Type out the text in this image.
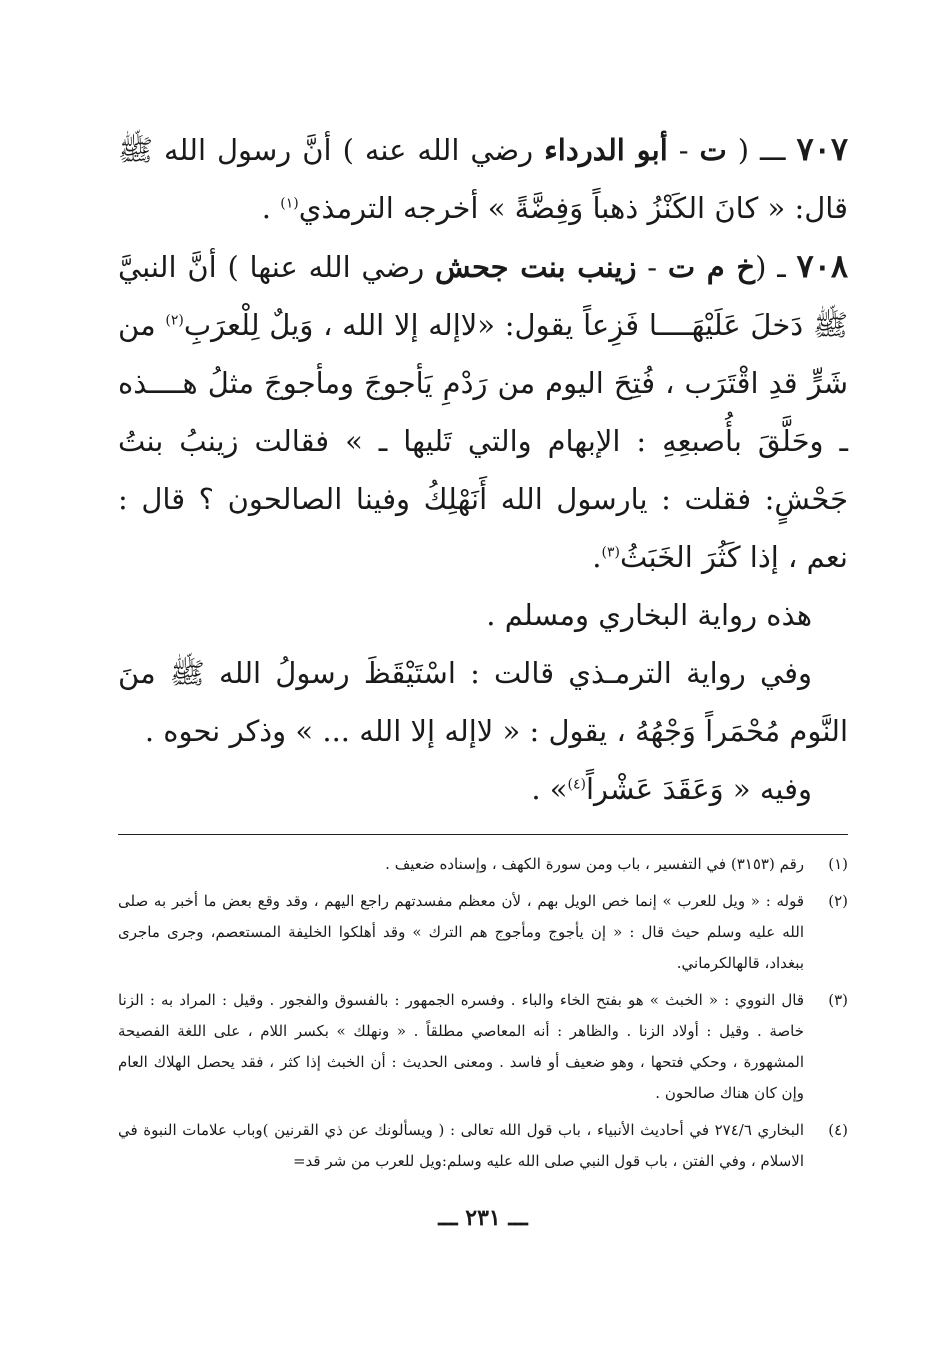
٧٠٧ ـــ ( ت - أبو الدرداء رضي الله عنه ) أنَّ رسول الله ﷺ قال: « كانَ الكَنْزُ ذهباً وَفِضَّةً » أخرجه الترمذي$^{(١)}$ .

٧٠٨ ـ (خ م ت - زينب بنت جحش رضي الله عنها ) أنَّ النبيَّ ﷺ دَخلَ عَلَيْهَــــا فَزِعاً يقول: «لاإله إلا الله ، وَيلٌ لِلْعرَبِ$^{(٢)}$ من شَرٍّ قدِ اقْتَرَب ، فُتِحَ اليوم من رَدْمِ يَأجوجَ ومأجوجَ مثلُ هــــذه ـ وحَلَّقَ بأُصبعِهِ : الإبهام والتي تَليها ـ » فقالت زينبُ بنتُ جَحْشٍ: فقلت : يارسول الله أَنَهْلِكُ وفينا الصالحون ؟ قال : نعم ، إذا كَثُرَ الخَبَثُ$^{(٣)}$.

هذه رواية البخاري ومسلم .

وفي رواية الترمـذي قالت : اسْتَيْقَظَ رسولُ الله ﷺ منَ النَّوم مُحْمَراً وَجْهُهُ ، يقول : « لاإله إلا الله ... » وذكر نحوه .

وفيه « وَعَقَدَ عَشْراً$^{(٤)}$» .

(١)
رقم (٣١٥٣) في التفسير ، باب ومن سورة الكهف ، وإسناده ضعيف .
(٢)
قوله : « ويل للعرب » إنما خص الويل بهم ، لأن معظم مفسدتهم راجع اليهم ، وقد وقع بعض ما أخبر به صلى الله عليه وسلم حيث قال : « إن يأجوج ومأجوج هم الترك » وقد أهلكوا الخليفة المستعصم، وجرى ماجرى ببغداد، قالهالكرماني.
(٣)
قال النووي : « الخبث » هو بفتح الخاء والباء . وفسره الجمهور : بالفسوق والفجور . وقيل : المراد به : الزنا خاصة . وقيل : أولاد الزنا . والظاهر : أنه المعاصي مطلقاً . « ونهلك » بكسر اللام ، على اللغة الفصيحة المشهورة ، وحكي فتحها ، وهو ضعيف أو فاسد . ومعنى الحديث : أن الخبث إذا كثر ، فقد يحصل الهلاك العام وإن كان هناك صالحون .
(٤)
البخاري ٢٧٤/٦ في أحاديث الأنبياء ، باب قول الله تعالى : ( ويسألونك عن ذي القرنين )وباب علامات النبوة في الاسلام ، وفي الفتن ، باب قول النبي صلى الله عليه وسلم:ويل للعرب من شر قد=
ـــ ٢٣١ ـــ
